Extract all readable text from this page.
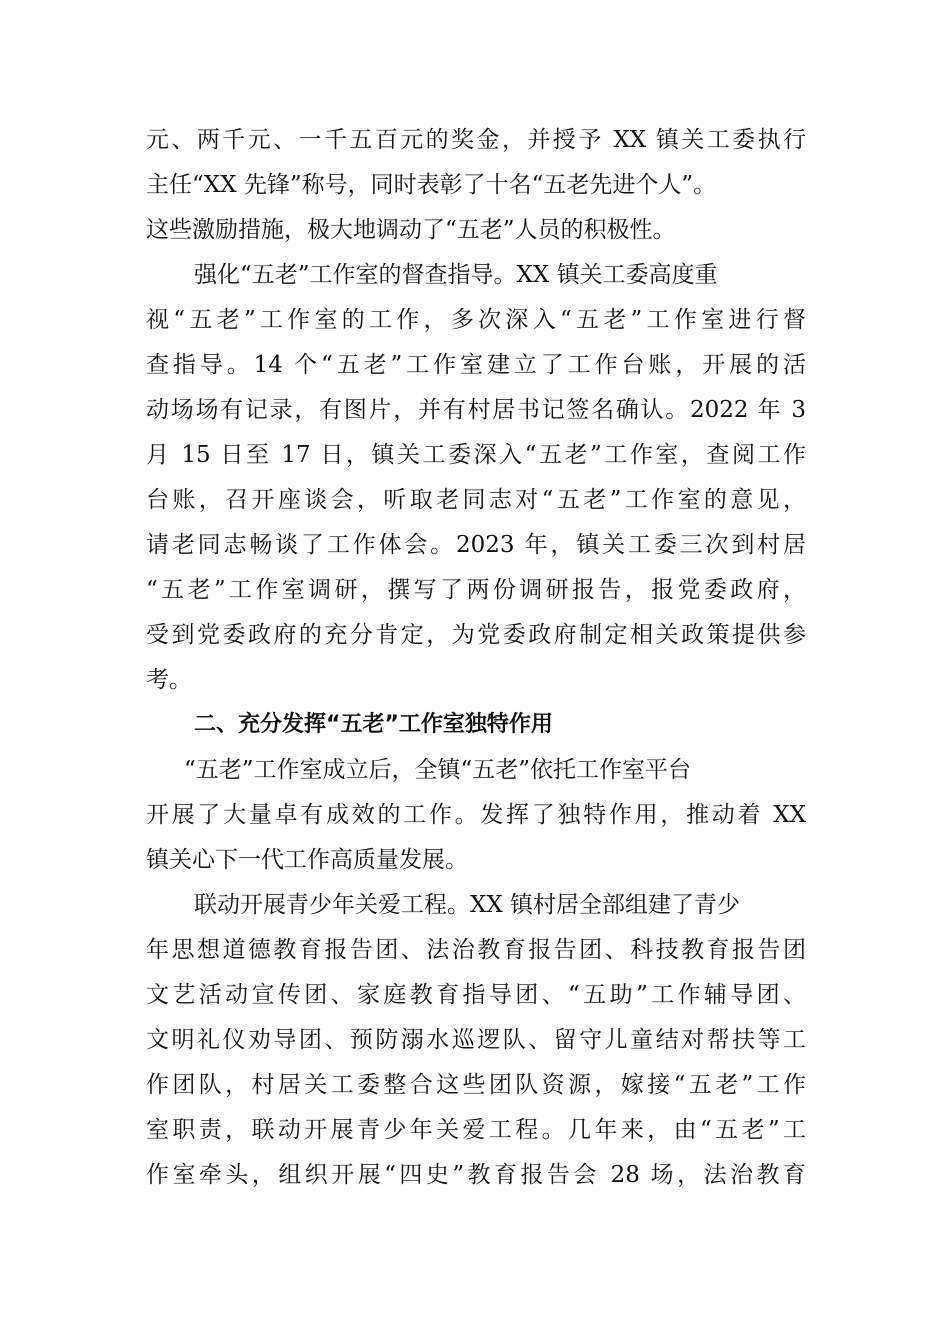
元、两千元、一千五百元的奖金，并授予 XX 镇关工委执行
主任“XX 先锋”称号，同时表彰了十名“五老先进个人”。
这些激励措施，极大地调动了“五老”人员的积极性。
强化“五老”工作室的督查指导。XX 镇关工委高度重
视“五老”工作室的工作，多次深入“五老”工作室进行督
查指导。14 个“五老”工作室建立了工作台账，开展的活
动场场有记录，有图片，并有村居书记签名确认。2022 年 3
月 15 日至 17 日，镇关工委深入“五老”工作室，查阅工作
台账，召开座谈会，听取老同志对“五老”工作室的意见，
请老同志畅谈了工作体会。2023 年，镇关工委三次到村居
“五老”工作室调研，撰写了两份调研报告，报党委政府，
受到党委政府的充分肯定，为党委政府制定相关政策提供参
考。
二、充分发挥“五老”工作室独特作用
“五老”工作室成立后，全镇“五老”依托工作室平台
开展了大量卓有成效的工作。发挥了独特作用，推动着 XX
镇关心下一代工作高质量发展。
联动开展青少年关爱工程。XX 镇村居全部组建了青少
年思想道德教育报告团、法治教育报告团、科技教育报告团
文艺活动宣传团、家庭教育指导团、“五助”工作辅导团、
文明礼仪劝导团、预防溺水巡逻队、留守儿童结对帮扶等工
作团队，村居关工委整合这些团队资源，嫁接“五老”工作
室职责，联动开展青少年关爱工程。几年来，由“五老”工
作室牵头，组织开展“四史”教育报告会 28 场，法治教育
